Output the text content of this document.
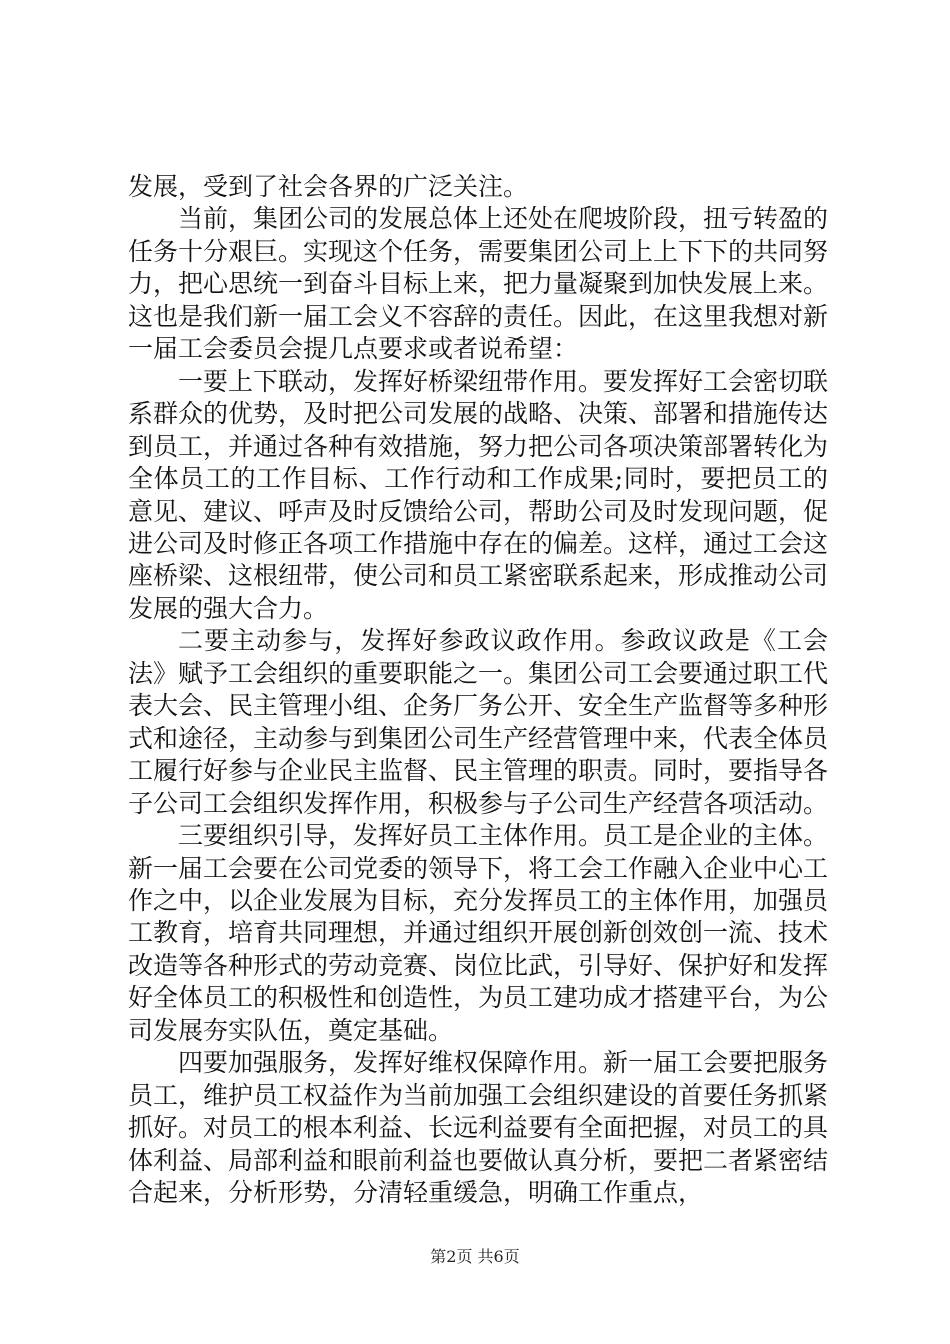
发展，受到了社会各界的广泛关注。

当前，集团公司的发展总体上还处在爬坡阶段，扭亏转盈的任务十分艰巨。实现这个任务，需要集团公司上上下下的共同努力，把心思统一到奋斗目标上来，把力量凝聚到加快发展上来。这也是我们新一届工会义不容辞的责任。因此，在这里我想对新一届工会委员会提几点要求或者说希望：

一要上下联动，发挥好桥梁纽带作用。要发挥好工会密切联系群众的优势，及时把公司发展的战略、决策、部署和措施传达到员工，并通过各种有效措施，努力把公司各项决策部署转化为全体员工的工作目标、工作行动和工作成果;同时，要把员工的意见、建议、呼声及时反馈给公司，帮助公司及时发现问题，促进公司及时修正各项工作措施中存在的偏差。这样，通过工会这座桥梁、这根纽带，使公司和员工紧密联系起来，形成推动公司发展的强大合力。

二要主动参与，发挥好参政议政作用。参政议政是《工会法》赋予工会组织的重要职能之一。集团公司工会要通过职工代表大会、民主管理小组、企务厂务公开、安全生产监督等多种形式和途径，主动参与到集团公司生产经营管理中来，代表全体员工履行好参与企业民主监督、民主管理的职责。同时，要指导各子公司工会组织发挥作用，积极参与子公司生产经营各项活动。

三要组织引导，发挥好员工主体作用。员工是企业的主体。新一届工会要在公司党委的领导下，将工会工作融入企业中心工作之中，以企业发展为目标，充分发挥员工的主体作用，加强员工教育，培育共同理想，并通过组织开展创新创效创一流、技术改造等各种形式的劳动竞赛、岗位比武，引导好、保护好和发挥好全体员工的积极性和创造性，为员工建功成才搭建平台，为公司发展夯实队伍，奠定基础。

四要加强服务，发挥好维权保障作用。新一届工会要把服务员工，维护员工权益作为当前加强工会组织建设的首要任务抓紧抓好。对员工的根本利益、长远利益要有全面把握，对员工的具体利益、局部利益和眼前利益也要做认真分析，要把二者紧密结合起来，分析形势，分清轻重缓急，明确工作重点，

第2页 共6页
